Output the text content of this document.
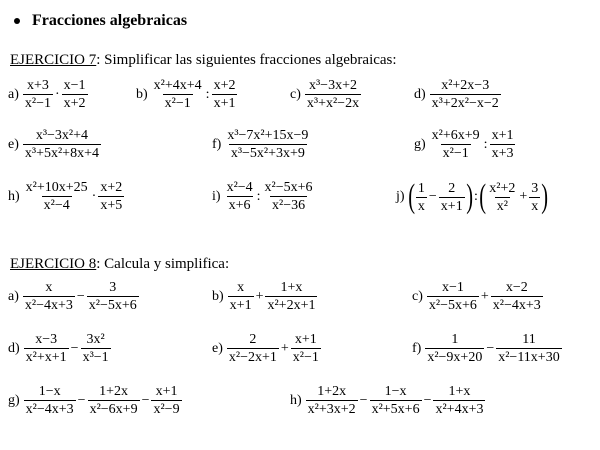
Fracciones algebraicas
EJERCICIO 7: Simplificar las siguientes fracciones algebraicas:
$a) \frac{x+3}{\text{x²−1}} \cdot \frac{x-1}{x+2}$	$b) \frac{\text{x²+4x+4}}{\text{x²−1}}$ : $\frac{x+2}{x+1}$	$c) \frac{\text{x³−3x+2}}{\text{x³+x²−2x}}$	$d) \frac{\text{x²+2x−3}}{\text{x³+2x²−x−2}}$
$e) \frac{\text{x³−3x²+4}}{\text{x³+5x²+8x+4}}$	$f) \frac{\text{x³−7x²+15x−9}}{\text{x³−5x²+3x+9}}$	$g) \frac{\text{x²+6x+9}}{\text{x²−1}}$ : $\frac{x+1}{x+3}$
$h) \frac{\text{x²+10x+25}}{\text{x²−4}} \cdot \frac{x+2}{x+5}$	$i) \frac{\text{x²−4}}{x+6}$ : $\frac{\text{x²−5x+6}}{\text{x²−36}}$	j) ( $\frac{1}{x} - \frac{2}{x+1}$ ) : ( $\frac{\text{x²+2}}{\text{x²}} + \frac{3}{x}$ )
EJERCICIO 8: Calcula y simplifica:
$a) \frac{x}{\text{x²−4x+3}} - \frac{3}{\text{x²−5x+6}}$	$b) \frac{x}{x+1} + \frac{1+x}{\text{x²+2x+1}}$	$c) \frac{x-1}{\text{x²−5x+6}} + \frac{x-2}{\text{x²−4x+3}}$
$d) \frac{x-3}{\text{x²+x+1}} - \frac{\text{3x²}}{\text{x³−1}}$	$e) \frac{2}{\text{x²−2x+1}} + \frac{x+1}{\text{x²−1}}$	$f) \frac{1}{\text{x²−9x+20}} - \frac{11}{\text{x²−11x+30}}$
$g) \frac{1-x}{\text{x²−4x+3}} - \frac{1+2x}{\text{x²−6x+9}} - \frac{x+1}{\text{x²−9}}$	$h) \frac{1+2x}{\text{x²+3x+2}} - \frac{1-x}{\text{x²+5x+6}} - \frac{1+x}{\text{x²+4x+3}}$
